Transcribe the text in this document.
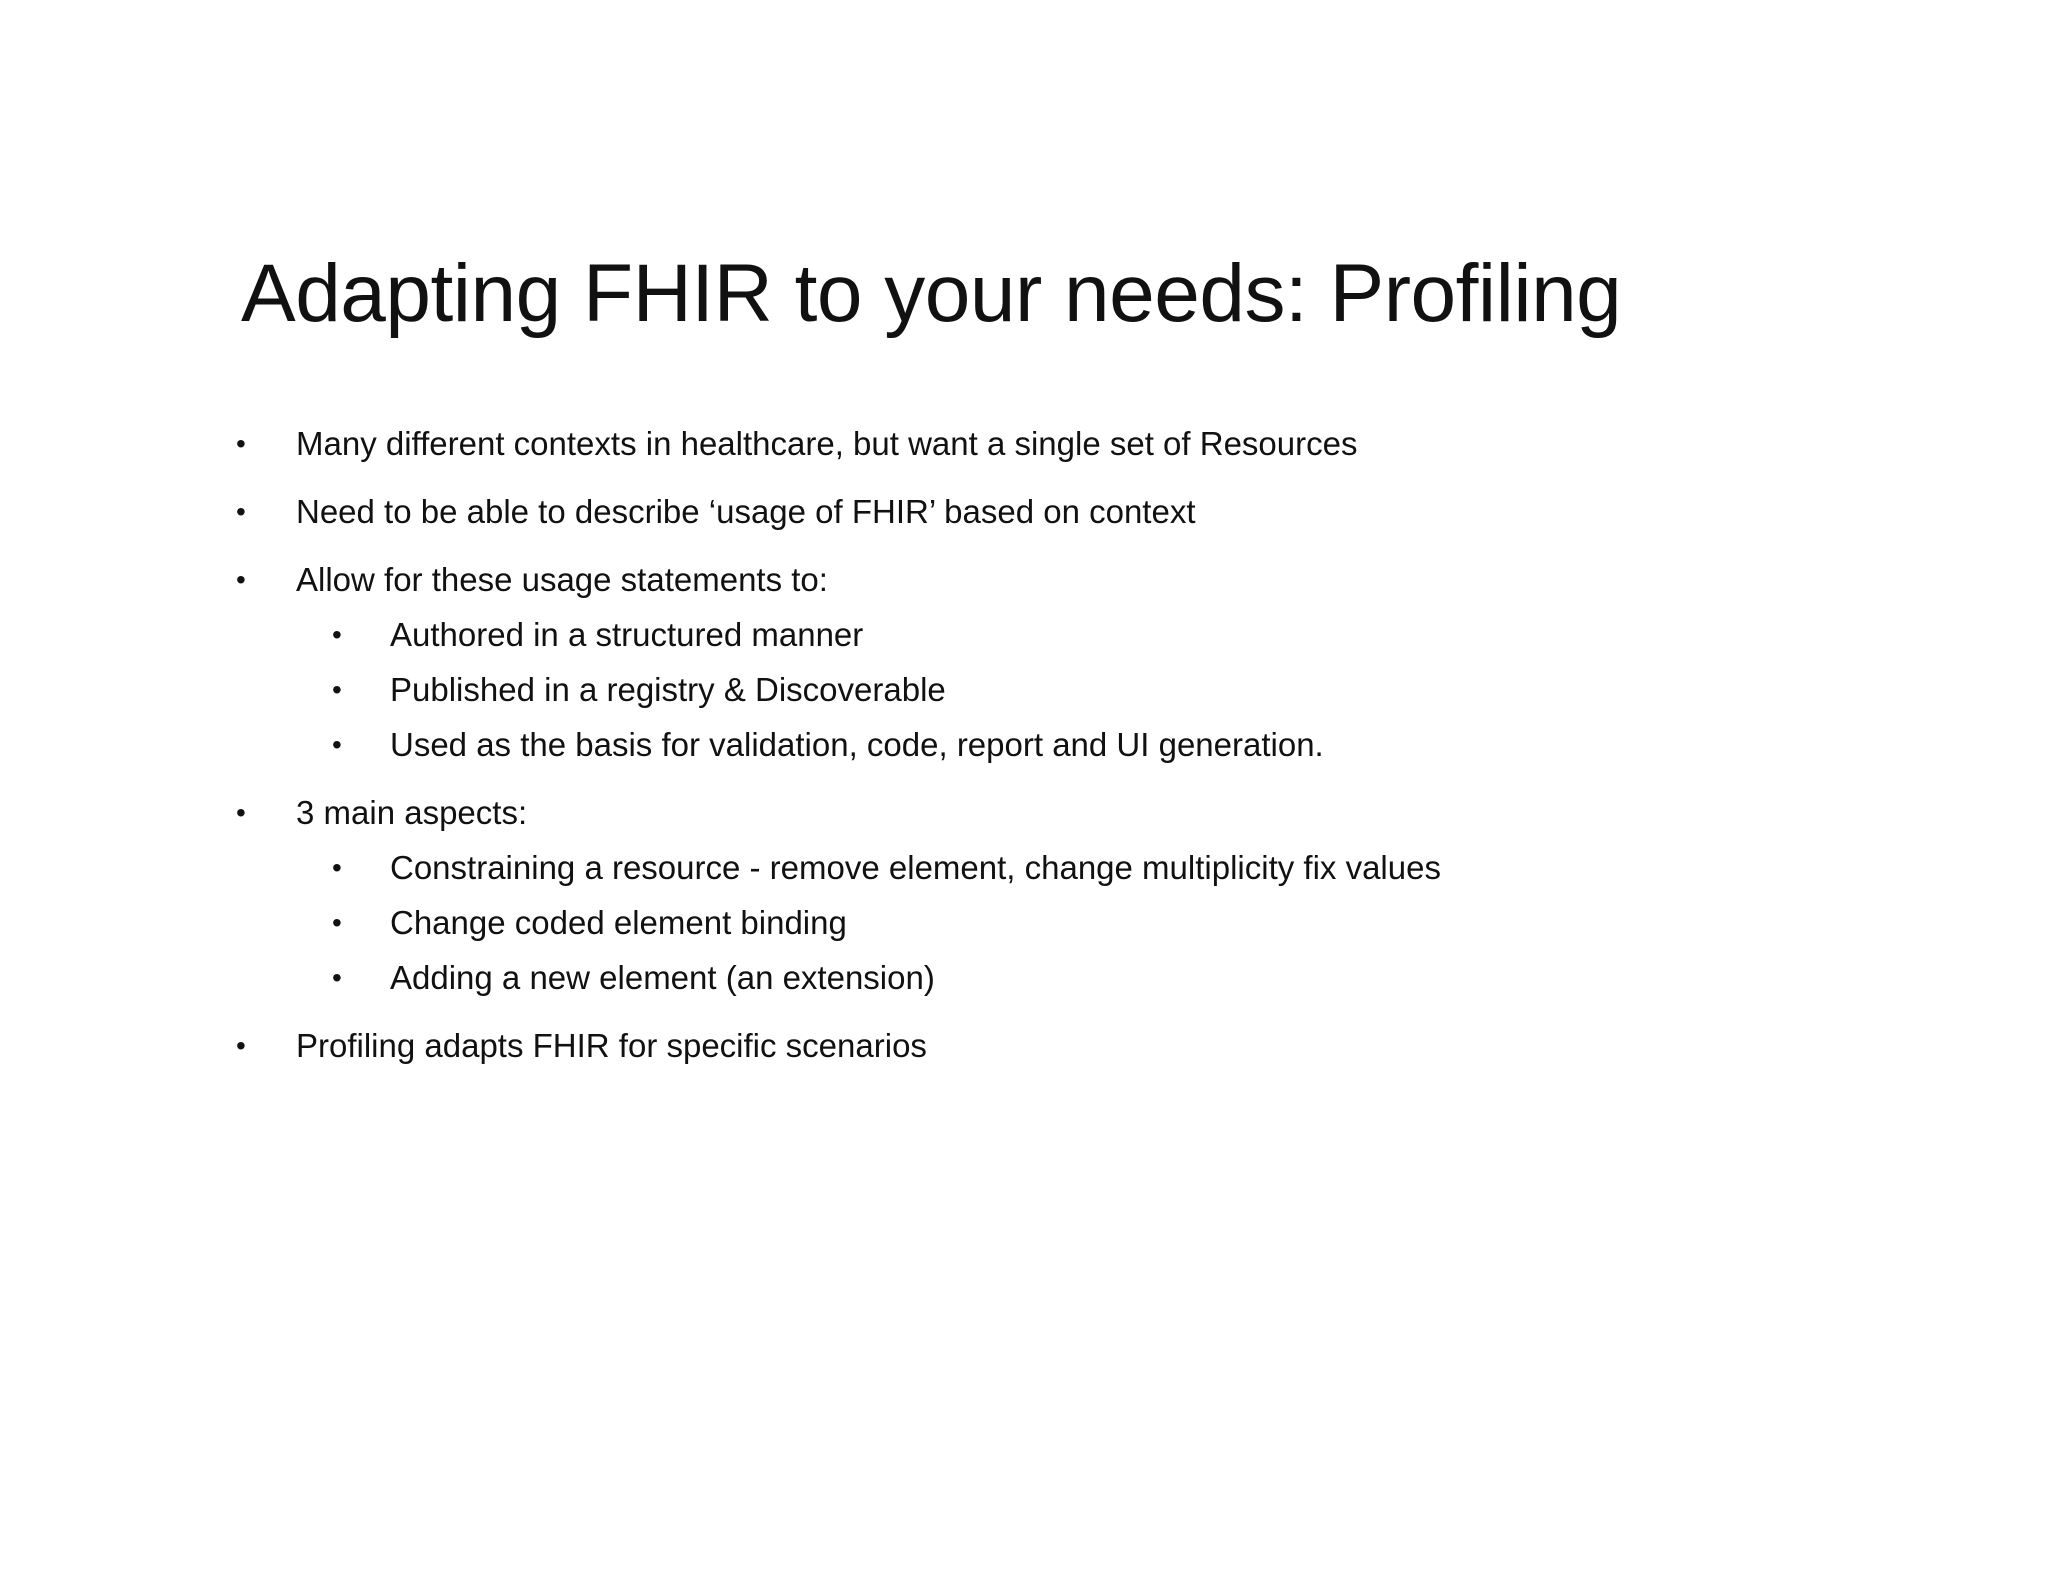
Adapting FHIR to your needs: Profiling
• Many different contexts in healthcare, but want a single set of Resources
• Need to be able to describe ‘usage of FHIR’ based on context
• Allow for these usage statements to:
• Authored in a structured manner
• Published in a registry & Discoverable
• Used as the basis for validation, code, report and UI generation.
• 3 main aspects:
• Constraining a resource - remove element, change multiplicity fix values
• Change coded element binding
• Adding a new element (an extension)
• Profiling adapts FHIR for specific scenarios
